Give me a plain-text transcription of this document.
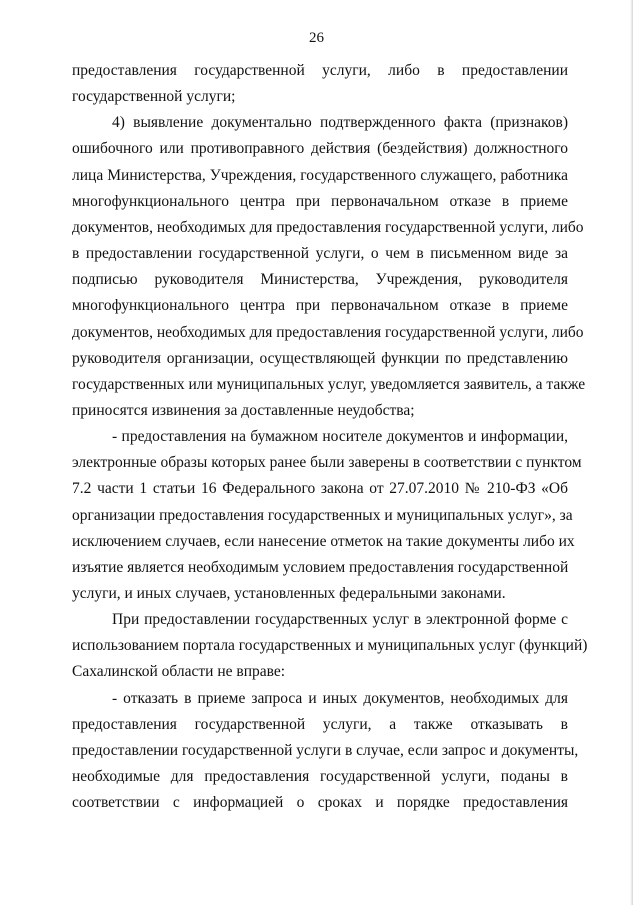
26
предоставления государственной услуги, либо в предоставлении
государственной услуги;
4) выявление документально подтвержденного факта (признаков)
ошибочного или противоправного действия (бездействия) должностного
лица Министерства, Учреждения, государственного служащего, работника
многофункционального центра при первоначальном отказе в приеме
документов, необходимых для предоставления государственной услуги, либо
в предоставлении государственной услуги, о чем в письменном виде за
подписью руководителя Министерства, Учреждения, руководителя
многофункционального центра при первоначальном отказе в приеме
документов, необходимых для предоставления государственной услуги, либо
руководителя организации, осуществляющей функции по представлению
государственных или муниципальных услуг, уведомляется заявитель, а также
приносятся извинения за доставленные неудобства;
- предоставления на бумажном носителе документов и информации,
электронные образы которых ранее были заверены в соответствии с пунктом
7.2 части 1 статьи 16 Федерального закона от 27.07.2010 № 210-ФЗ «Об
организации предоставления государственных и муниципальных услуг», за
исключением случаев, если нанесение отметок на такие документы либо их
изъятие является необходимым условием предоставления государственной
услуги, и иных случаев, установленных федеральными законами.
При предоставлении государственных услуг в электронной форме с
использованием портала государственных и муниципальных услуг (функций)
Сахалинской области не вправе:
- отказать в приеме запроса и иных документов, необходимых для
предоставления государственной услуги, а также отказывать в
предоставлении государственной услуги в случае, если запрос и документы,
необходимые для предоставления государственной услуги, поданы в
соответствии с информацией о сроках и порядке предоставления
